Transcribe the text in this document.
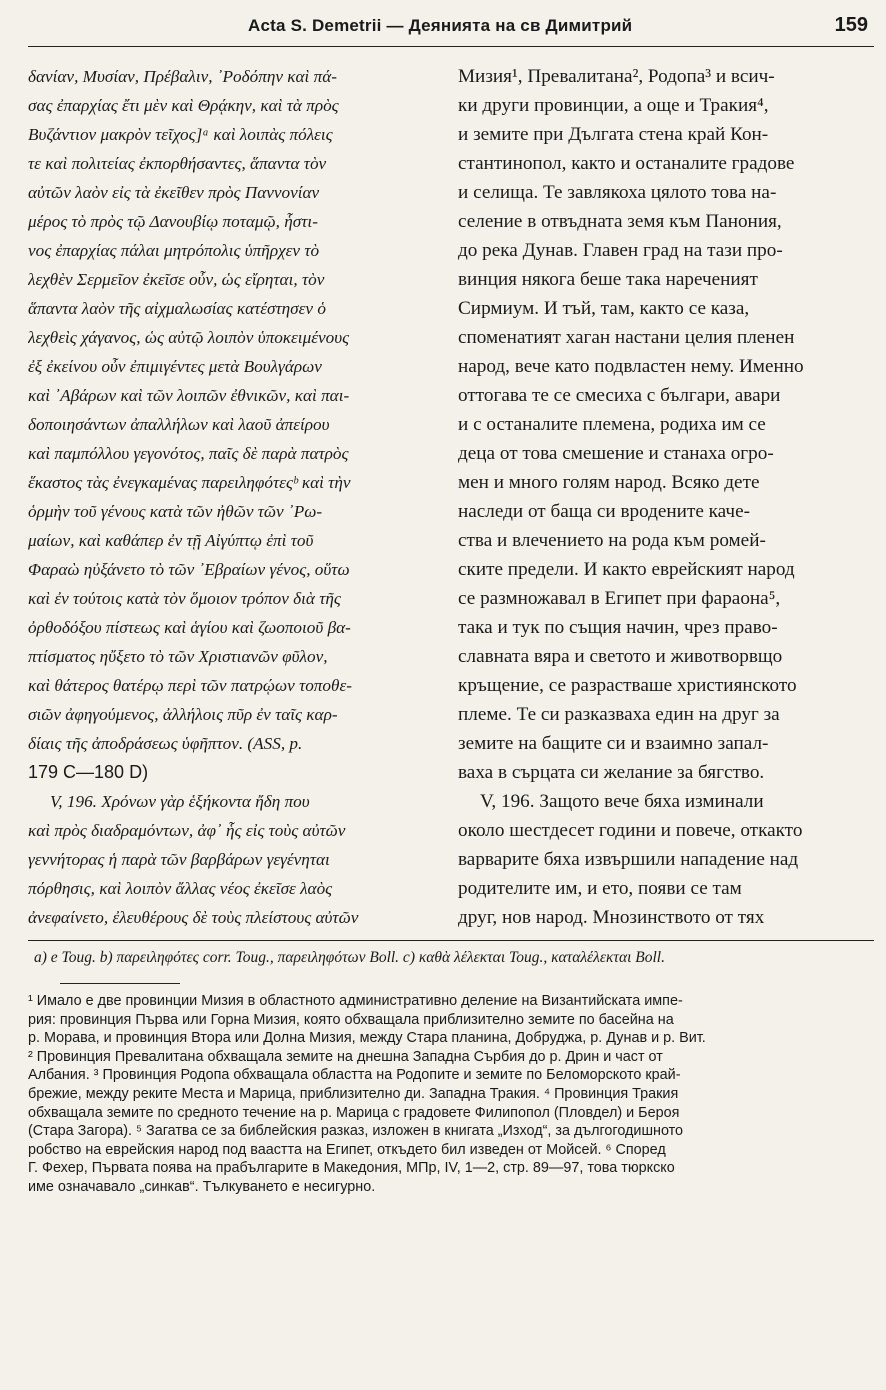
Acta S. Demetrii — Деянията на св Димитрий	159
δανίαν, Μυσίαν, Πρέβαλιν, ᾿Ροδόπην καὶ πά-
σας ἐπαρχίας ἔτι μὲν καὶ Θρᾴκην, καὶ τὰ πρὸς
Βυζάντιον μακρὸν τεῖχος]ᵃ καὶ λοιπὰς πόλεις
τε καὶ πολιτείας ἐκπορθήσαντες, ἅπαντα τὸν
αὐτῶν λαὸν εἰς τὰ ἐκεῖθεν πρὸς Παννονίαν
μέρος τὸ πρὸς τῷ Δανουβίῳ ποταμῷ, ἧστι-
νος ἐπαρχίας πάλαι μητρόπολις ὑπῆρχεν τὸ
λεχθὲν Σερμεῖον ἐκεῖσε οὖν, ὡς εἴρηται, τὸν
ἅπαντα λαὸν τῆς αἰχμαλωσίας κατέστησεν ὁ
λεχθεὶς χάγανος, ὡς αὐτῷ λοιπὸν ὑποκειμένους
ἐξ ἐκείνου οὖν ἐπιμιγέντες μετὰ Βουλγάρων
καὶ ᾿Αβάρων καὶ τῶν λοιπῶν ἐθνικῶν, καὶ παι-
δοποιησάντων ἀπαλλήλων καὶ λαοῦ ἀπείρου
καὶ παμπόλλου γεγονότος, παῖς δὲ παρὰ πατρὸς
ἕκαστος τὰς ἐνεγκαμένας παρειληφότεςᵇ καὶ τὴν
ὁρμὴν τοῦ γένους κατὰ τῶν ἠθῶν τῶν ᾿Ρω-
μαίων, καὶ καθάπερ ἐν τῇ Αἰγύπτῳ ἐπὶ τοῦ
Φαραὼ ηὐξάνετο τὸ τῶν ᾿Εβραίων γένος, οὕτω
καὶ ἐν τούτοις κατὰ τὸν ὅμοιον τρόπον διὰ τῆς
ὀρθοδόξου πίστεως καὶ ἁγίου καὶ ζωοποιοῦ βα-
πτίσματος ηὔξετο τὸ τῶν Χριστιανῶν φῦλον,
καὶ θάτερος θατέρῳ περὶ τῶν πατρῴων τοποθε-
σιῶν ἀφηγούμενος, ἀλλήλοις πῦρ ἐν ταῖς καρ-
δίαις τῆς ἀποδράσεως ὑφῆπτον. (ASS, p.
179 C—180 D)
V, 196. Χρόνων γὰρ ἑξήκοντα ἤδη που
καὶ πρὸς διαδραμόντων, ἀφ᾿ ἧς εἰς τοὺς αὐτῶν
γεννήτορας ἡ παρὰ τῶν βαρβάρων γεγένηται
πόρθησις, καὶ λοιπὸν ἄλλας νέος ἐκεῖσε λαὸς
ἀνεφαίνετο, ἐλευθέρους δὲ τοὺς πλείστους αὐτῶν
Мизия¹, Превалитана², Родопа³ и всич-
ки други провинции, а още и Тракия⁴,
и земите при Дългата стена край Кон-
стантинопол, както и останалите градове
и селища. Те завлякоха цялото това на-
селение в отвъдната земя към Панония,
до река Дунав. Главен град на тази про-
винция някога беше така нареченият
Сирмиум. И тъй, там, както се каза,
споменатият хаган настани целия пленен
народ, вече като подвластен нему. Именно
оттогава те се смесиха с българи, авари
и с останалите племена, родиха им се
деца от това смешение и станаха огро-
мен и много голям народ. Всяко дете
наследи от баща си вродените каче-
ства и влечението на рода към ромей-
ските предели. И както еврейският народ
се размножавал в Египет при фараона⁵,
така и тук по същия начин, чрез право-
славната вяра и светото и животворвщо
кръщение, се разрастваше християнското
племе. Те си разказваха един на друг за
земите на бащите си и взаимно запал-
ваха в сърцата си желание за бягство.
V, 196. Защото вече бяха изминали
около шестдесет години и повече, откакто
варварите бяха извършили нападение над
родителите им, и ето, появи се там
друг, нов народ. Мнозинството от тях
a) e Toug. b) παρειληφότες corr. Toug., παρειληφότων Boll. c) καθὰ λέλεκται Toug., καταλέλεκται Boll.
¹ Имало е две провинции Мизия в областното административно деление на Византийската импе-
рия: провинция Първа или Горна Мизия, която обхващала приблизително земите по басейна на
р. Морава, и провинция Втора или Долна Мизия, между Стара планина, Добруджа, р. Дунав и р. Вит.
² Провинция Превалитана обхващала земите на днешна Западна Сърбия до р. Дрин и част от
Албания. ³ Провинция Родопа обхващала областта на Родопите и земите по Беломорското край-
брежие, между реките Места и Марица, приблизително ди. Западна Тракия. ⁴ Провинция Тракия
обхващала земите по средното течение на р. Марица с градовете Филипопол (Пловдел) и Берoя
(Стара Загора). ⁵ Загатва се за библейския разказ, изложен в книгата „Изход“, за дългогодишното
робство на еврейския народ под ваастта на Египет, откъдето бил изведен от Мойсей. ⁶ Според
Г. Фехер, Първата поява на прабългарите в Македония, МПр, IV, 1—2, стр. 89—97, това тюркско
име означавало „синкав“. Тълкуването е несигурно.
